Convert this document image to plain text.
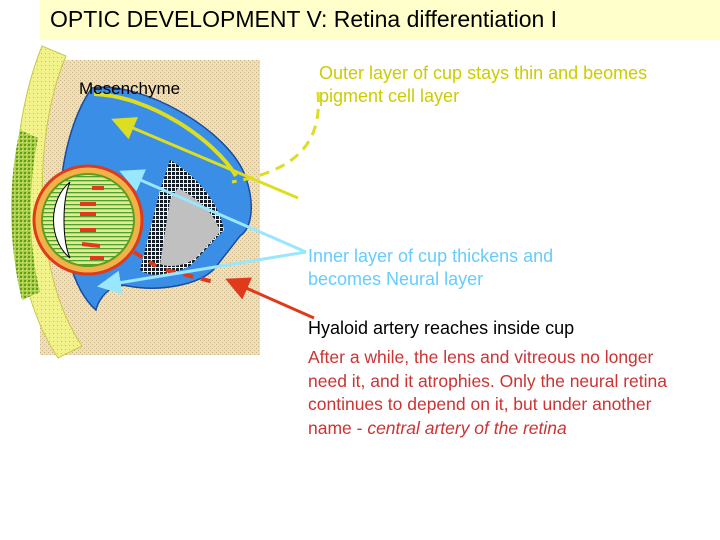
OPTIC DEVELOPMENT V: Retina differentiation I

Mesenchyme

Outer layer of cup stays thin and beomes pigment cell layer

Inner layer of cup thickens and becomes Neural layer

Hyaloid artery reaches inside cup

After a while, the lens and vitreous no longer need it, and it atrophies. Only the neural retina continues to depend on it, but under another name - central artery of the retina
